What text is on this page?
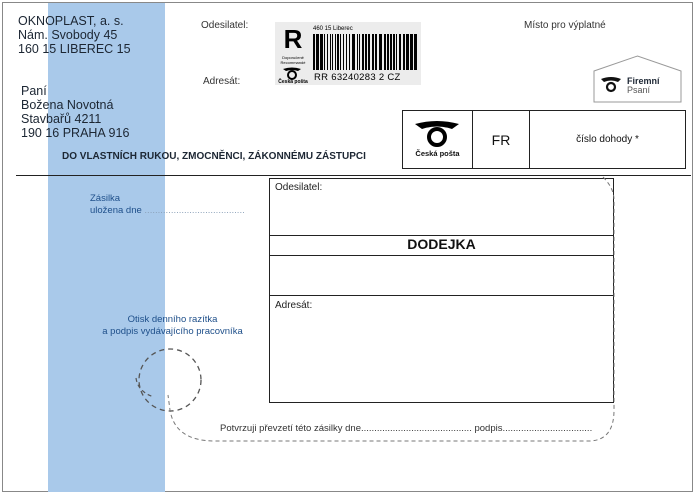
OKNOPLAST, a. s.
Nám. Svobody 45
160 15 LIBEREC 15
Paní
Božena Novotná
Stavbařů 4211
190 16 PRAHA 916
Odesilatel:
Adresát:
R
Doporučeně
Recommandé
Česká pošta
460 15 Liberec
RR 63240283 2 CZ
Místo pro výplatné
Firemní
Psaní
Česká pošta
FR	číslo dohody *
DO VLASTNÍCH RUKOU, ZMOCNĚNCI, ZÁKONNÉMU ZÁSTUPCI
Zásilka
uložena dne ......................................
Otisk denního razítka
a podpis vydávajícího pracovníka
Odesilatel:
DODEJKA
Adresát:
Potvrzuji převzetí této zásilky dne.......................................... podpis..................................
